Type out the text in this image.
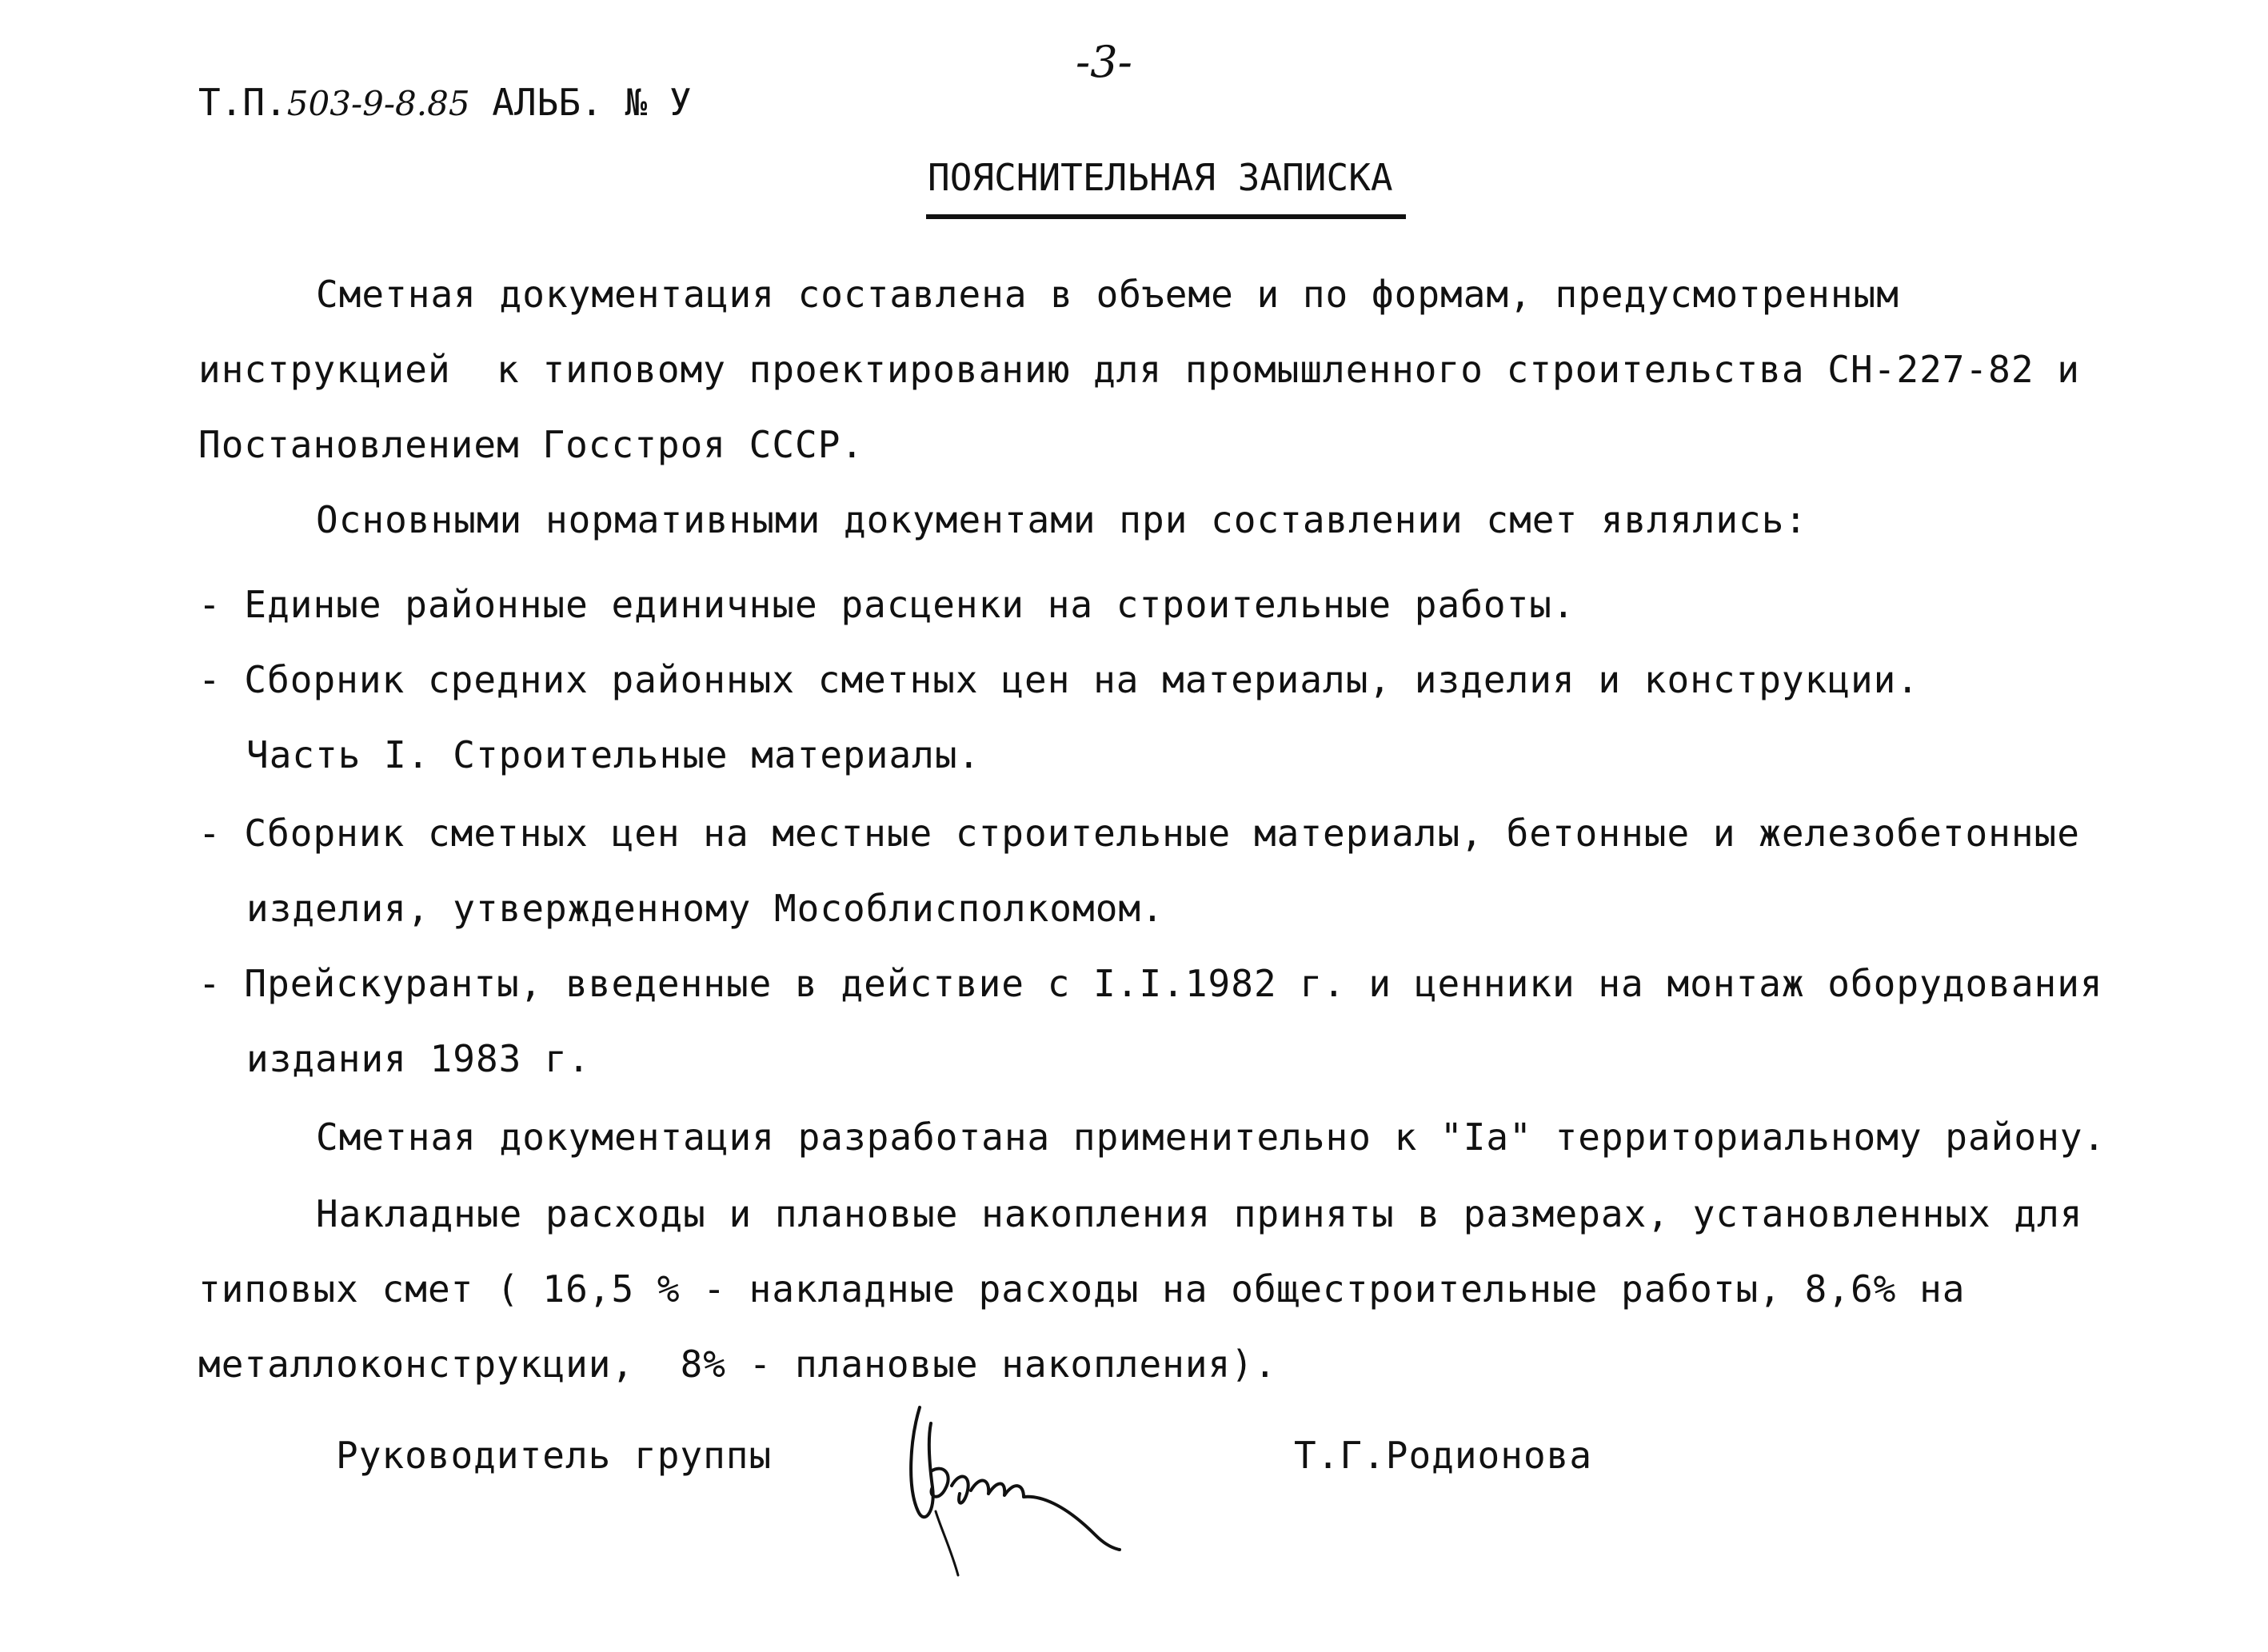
-3-
Т.П.503-9-8.85 АЛЬБ. № У
ПОЯСНИТЕЛЬНАЯ ЗАПИСКА
Сметная документация составлена в объеме и по формам, предусмотренным
инструкцией  к типовому проектированию для промышленного строительства СН-227-82 и
Постановлением Госстроя СССР.
Основными нормативными документами при составлении смет являлись:
- Единые районные единичные расценки на строительные работы.
- Сборник средних районных сметных цен на материалы, изделия и конструкции.
Часть I. Строительные материалы.
- Сборник сметных цен на местные строительные материалы, бетонные и железобетонные
изделия, утвержденному Мособлисполкомом.
- Прейскуранты, введенные в действие с I.I.1982 г. и ценники на монтаж оборудования
издания 1983 г.
Сметная документация разработана применительно к "Iа" территориальному району.
Накладные расходы и плановые накопления приняты в размерах, установленных для
типовых смет ( 16,5 % - накладные расходы на общестроительные работы, 8,6% на
металлоконструкции,  8% - плановые накопления).
Руководитель группы	Т.Г.Родионова
